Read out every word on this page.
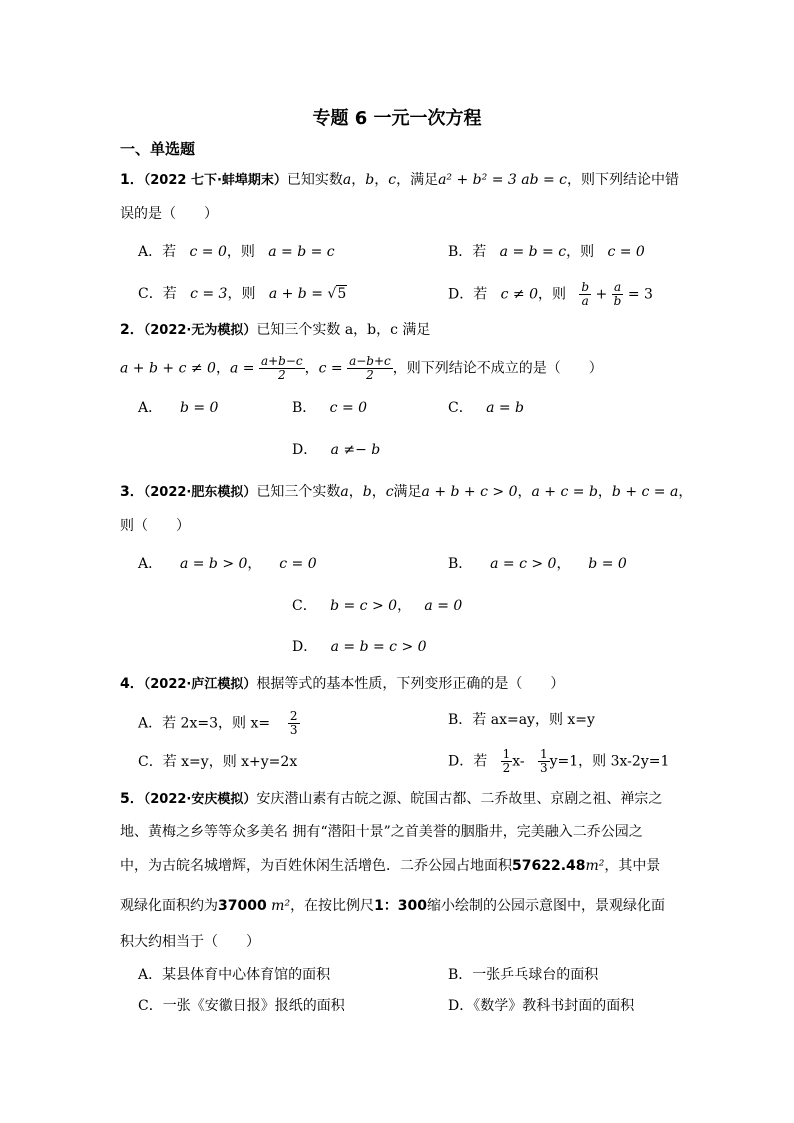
专题 6 一元一次方程
一、单选题
1．（2022 七下·蚌埠期末）已知实数a，b，c，满足a² + b² = 3 ab = c，则下列结论中错
误的是（　　）
A．若 c = 0，则 a = b = c	B．若 a = b = c，则 c = 0
C．若 c = 3，则 a + b = √5	D．若 c ≠ 0，则 $\frac{b}{a} + \frac{a}{b} = 3$
2．（2022·无为模拟）已知三个实数 a，b，c 满足
a + b + c ≠ 0，$a = \frac{a+b-c}{2}$ ，$c = \frac{a-b+c}{2}$ ，则下列结论不成立的是（　　）
A． b = 0	B． c = 0	C． a = b
D． a ≠− b
3．（2022·肥东模拟）已知三个实数a，b，c满足a + b + c > 0，a + c = b，b + c = a，
则（　　）
A． a = b > 0， c = 0	B． a = c > 0， b = 0
C． b = c > 0， a = 0
D． a = b = c > 0
4．（2022·庐江模拟）根据等式的基本性质，下列变形正确的是（　　）
A．若 2x=3，则 $x= \frac{2}{3}$	B．若 ax=ay，则 x=y
C．若 x=y，则 x+y=2x	D．若 $\frac{1}{2} x- \frac{1}{3} y=1$，则 3x-2y=1
5．（2022·安庆模拟）安庆潜山素有古皖之源、皖国古都、二乔故里、京剧之祖、禅宗之
地、黄梅之乡等等众多美名 拥有“潜阳十景”之首美誉的胭脂井，完美融入二乔公园之
中，为古皖名城增辉，为百姓休闲生活增色．二乔公园占地面积57622.48m²，其中景
观绿化面积约为37000 m²，在按比例尺1：300缩小绘制的公园示意图中，景观绿化面
积大约相当于（　　）
A．某县体育中心体育馆的面积	B．一张乒乓球台的面积
C．一张《安徽日报》报纸的面积	D．《数学》教科书封面的面积
